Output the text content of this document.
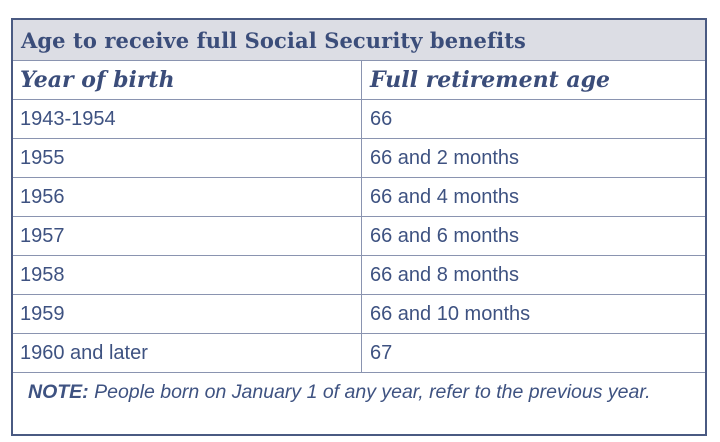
Age to receive full Social Security benefits
Year of birth	Full retirement age
1943-1954	66
1955	66 and 2 months
1956	66 and 4 months
1957	66 and 6 months
1958	66 and 8 months
1959	66 and 10 months
1960 and later	67
NOTE: People born on January 1 of any year, refer to the previous year.
